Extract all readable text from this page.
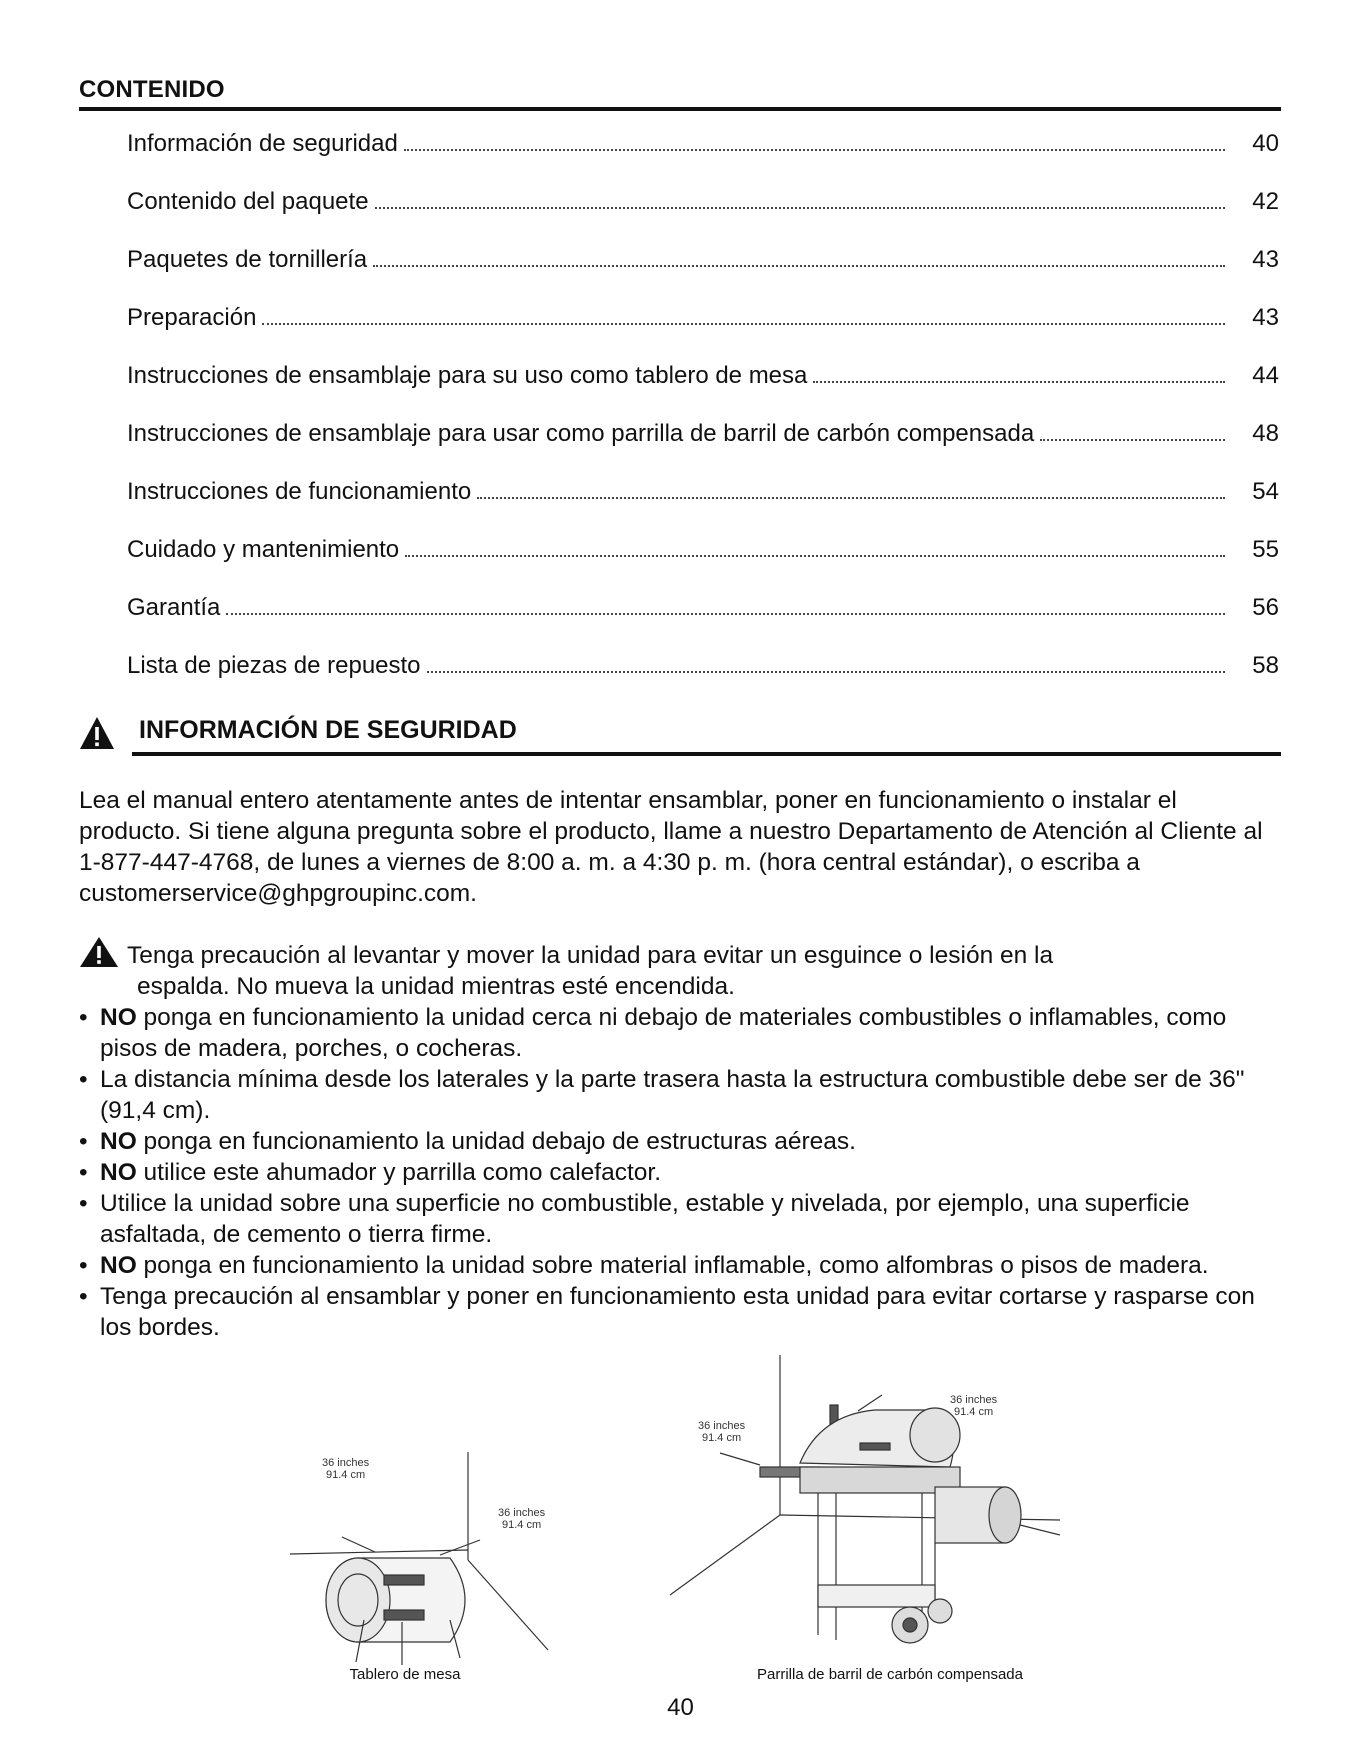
CONTENIDO
Información de seguridad	40
Contenido del paquete	42
Paquetes de tornillería	43
Preparación	43
Instrucciones de ensamblaje para su uso como tablero de mesa	44
Instrucciones de ensamblaje para usar como parrilla de barril de carbón compensada	48
Instrucciones de funcionamiento	54
Cuidado y mantenimiento	55
Garantía	56
Lista de piezas de repuesto	58
INFORMACIÓN DE SEGURIDAD
Lea el manual entero atentamente antes de intentar ensamblar, poner en funcionamiento o instalar el producto. Si tiene alguna pregunta sobre el producto, llame a nuestro Departamento de Atención al Cliente al 1-877-447-4768, de lunes a viernes de 8:00 a. m. a 4:30 p. m. (hora central estándar), o escriba a customerservice@ghpgroupinc.com.
Tenga precaución al levantar y mover la unidad para evitar un esguince o lesión en la
espalda. No mueva la unidad mientras esté encendida.
• NO ponga en funcionamiento la unidad cerca ni debajo de materiales combustibles o inflamables, como pisos de madera, porches, o cocheras.
• La distancia mínima desde los laterales y la parte trasera hasta la estructura combustible debe ser de 36" (91,4 cm).
• NO ponga en funcionamiento la unidad debajo de estructuras aéreas.
• NO utilice este ahumador y parrilla como calefactor.
• Utilice la unidad sobre una superficie no combustible, estable y nivelada, por ejemplo, una superficie asfaltada, de cemento o tierra firme.
• NO ponga en funcionamiento la unidad sobre material inflamable, como alfombras o pisos de madera.
• Tenga precaución al ensamblar y poner en funcionamiento esta unidad para evitar cortarse y rasparse con los bordes.
36 inches
91.4 cm
36 inches
91.4 cm
Tablero de mesa
36 inches
91.4 cm
36 inches
91.4 cm
Parrilla de barril de carbón compensada
40
